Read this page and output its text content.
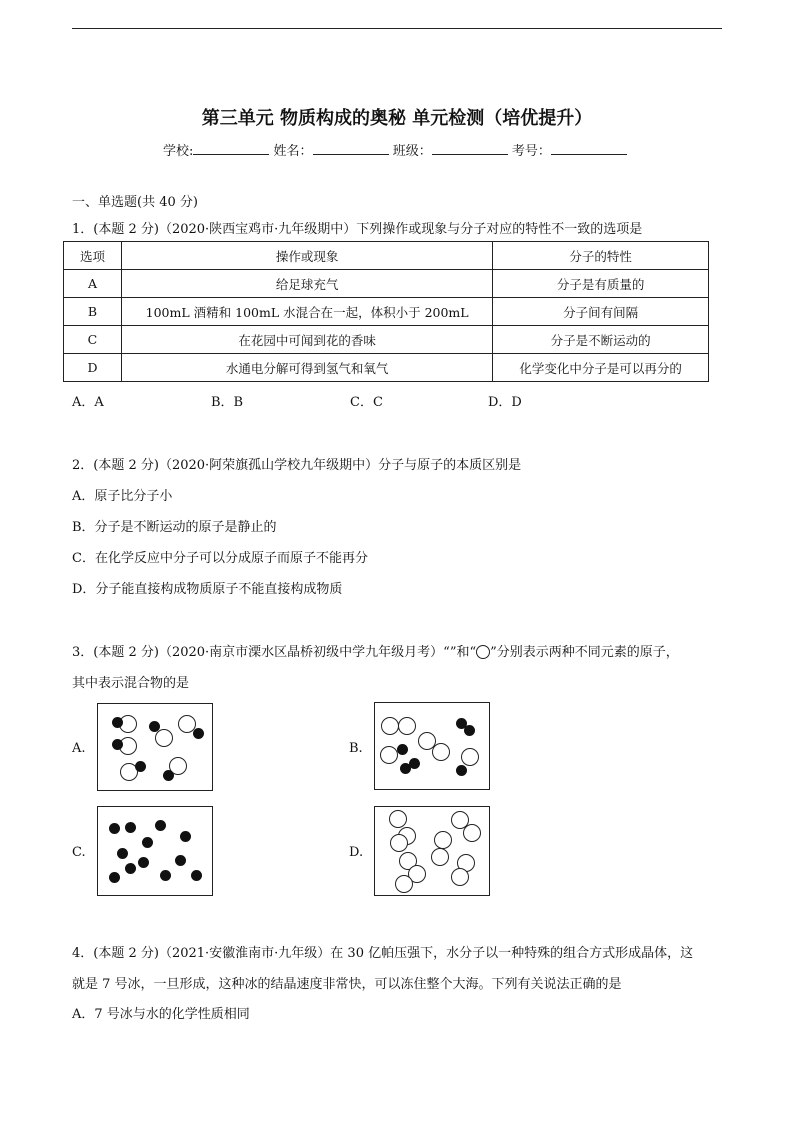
第三单元 物质构成的奥秘 单元检测（培优提升）
学校:	姓名：	班级：	考号：
一、单选题(共 40 分)
1．(本题 2 分)（2020·陕西宝鸡市·九年级期中）下列操作或现象与分子对应的特性不一致的选项是
选项	操作或现象	分子的特性
A	给足球充气	分子是有质量的
B	100mL 酒精和 100mL 水混合在一起，体积小于 200mL	分子间有间隔
C	在花园中可闻到花的香味	分子是不断运动的
D	水通电分解可得到氢气和氧气	化学变化中分子是可以再分的
A．A	B．B	C．C	D．D
2．(本题 2 分)（2020·阿荣旗孤山学校九年级期中）分子与原子的本质区别是
A．原子比分子小
B．分子是不断运动的原子是静止的
C．在化学反应中分子可以分成原子而原子不能再分
D．分子能直接构成物质原子不能直接构成物质
3．(本题 2 分)（2020·南京市溧水区晶桥初级中学九年级月考）“”和“ ”分别表示两种不同元素的原子，
其中表示混合物的是
A.	B.
C.	D.
4．(本题 2 分)（2021·安徽淮南市·九年级）在 30 亿帕压强下，水分子以一种特殊的组合方式形成晶体，这
就是 7 号冰，一旦形成，这种冰的结晶速度非常快，可以冻住整个大海。下列有关说法正确的是
A．7 号冰与水的化学性质相同
